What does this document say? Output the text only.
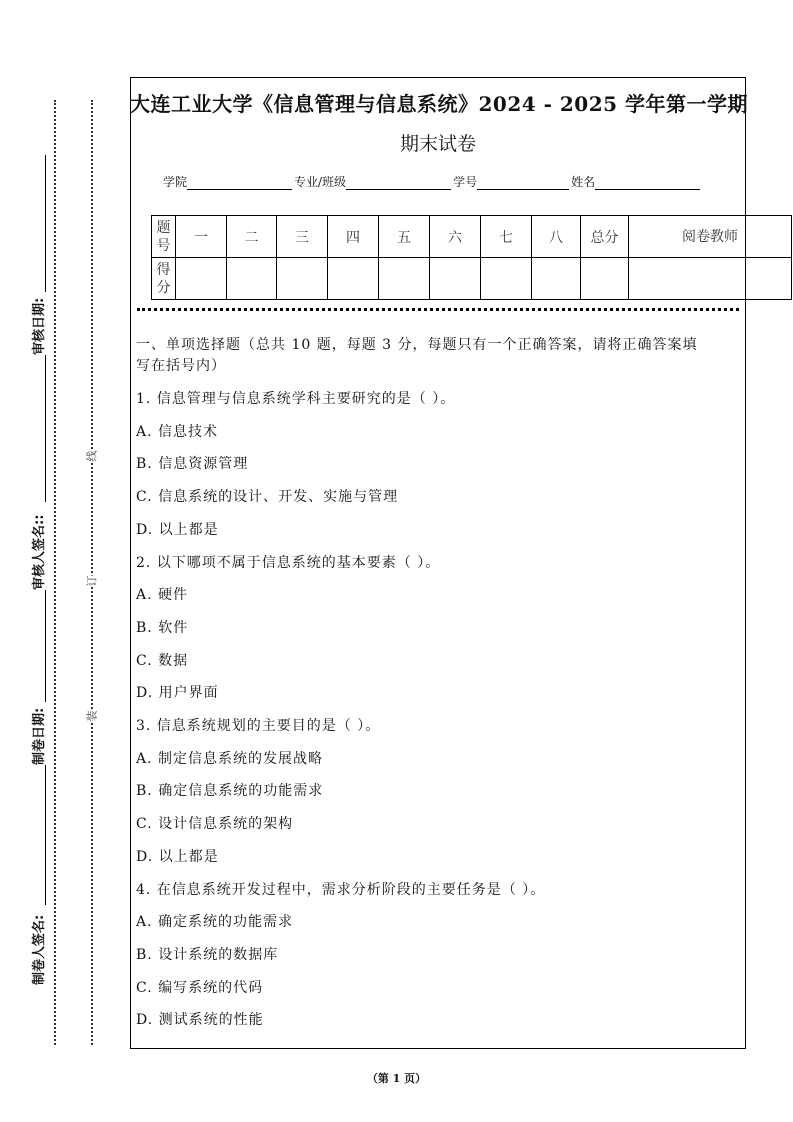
线
订
装
制卷人签名:
制卷日期:
审核人签名::
审核日期:
大连工业大学《信息管理与信息系统》2024 - 2025 学年第一学期
期末试卷
学院	专业/班级	学号	姓名
题号	一	二	三	四	五	六	七	八	总分	阅卷教师
得分										
一、单项选择题（总共 10 题，每题 3 分，每题只有一个正确答案，请将正确答案填
写在括号内）
1. 信息管理与信息系统学科主要研究的是（ ）。
A. 信息技术
B. 信息资源管理
C. 信息系统的设计、开发、实施与管理
D. 以上都是
2. 以下哪项不属于信息系统的基本要素（ ）。
A. 硬件
B. 软件
C. 数据
D. 用户界面
3. 信息系统规划的主要目的是（ ）。
A. 制定信息系统的发展战略
B. 确定信息系统的功能需求
C. 设计信息系统的架构
D. 以上都是
4. 在信息系统开发过程中，需求分析阶段的主要任务是（ ）。
A. 确定系统的功能需求
B. 设计系统的数据库
C. 编写系统的代码
D. 测试系统的性能
（第 1 页）
